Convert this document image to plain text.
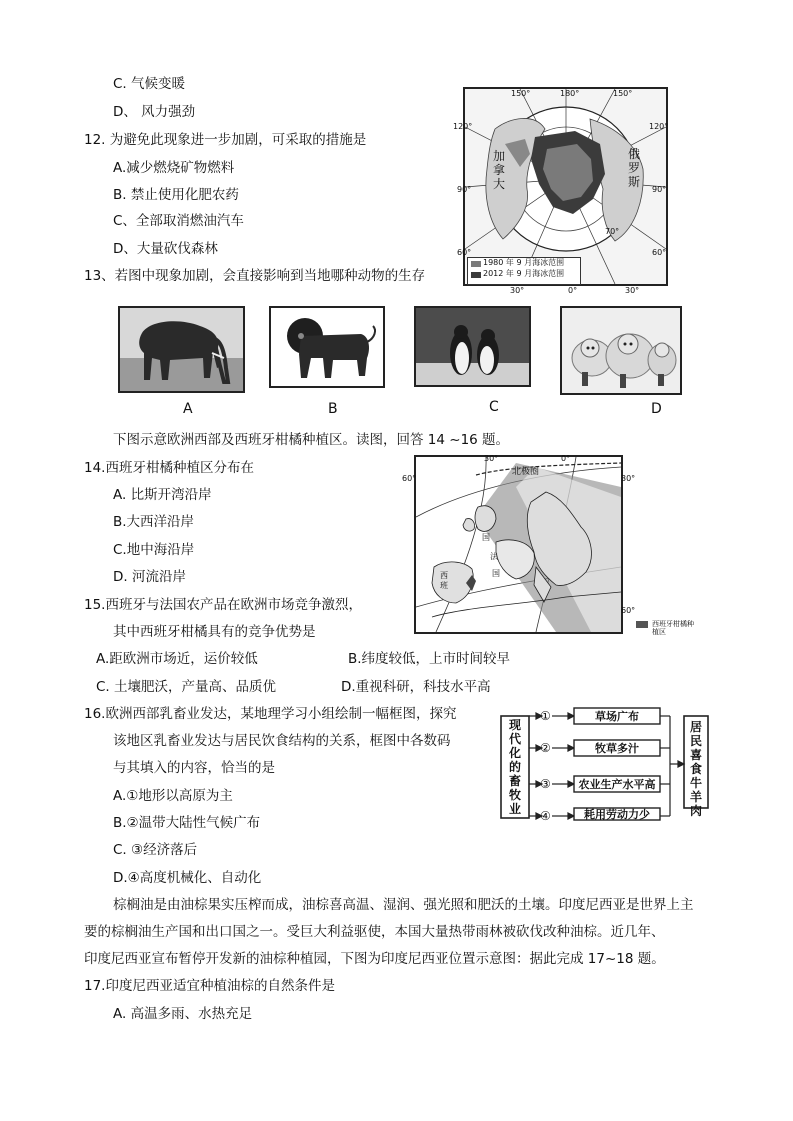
C. 气候变暖
D、 风力强劲
12. 为避免此现象进一步加剧，可采取的措施是
A.减少燃烧矿物燃料
B. 禁止使用化肥农药
C、全部取消燃油汽车
D、大量砍伐森林
150°	180°	150°
120°
90°
60°
120°
90°
60°
70°
加拿大
俄罗斯
1980 年 9 月海冰范围
2012 年 9 月海冰范围
30°	0°	30°
13、若图中现象加剧，会直接影响到当地哪种动物的生存
A	B	C	D
下图示意欧洲西部及西班牙柑橘种植区。读图，回答 14 ~16 题。
14.西班牙柑橘种植区分布在
A. 比斯开湾沿岸
B.大西洋沿岸
C.地中海沿岸
D. 河流沿岸
30°	0°
60°	30°
60°
北极圈
国
法
国
西
班
西班牙柑橘种植区
15.西班牙与法国农产品在欧洲市场竞争激烈，
其中西班牙柑橘具有的竞争优势是
A.距欧洲市场近，运价较低	B.纬度较低，上市时间较早
C. 土壤肥沃，产量高、品质优	D.重视科研，科技水平高
16.欧洲西部乳畜业发达，某地理学习小组绘制一幅框图，探究
该地区乳畜业发达与居民饮食结构的关系，框图中各数码
与其填入的内容，恰当的是
A.①地形以高原为主
B.②温带大陆性气候广布
C. ③经济落后
D.④高度机械化、自动化
现代化的畜牧业
居民喜食牛羊肉
①
②
③
④
草场广布
牧草多汁
农业生产水平高
耗用劳动力少
棕榈油是由油棕果实压榨而成，油棕喜高温、湿润、强光照和肥沃的土壤。印度尼西亚是世界上主
要的棕榈油生产国和出口国之一。受巨大利益驱使，本国大量热带雨林被砍伐改种油棕。近几年、
印度尼西亚宣布暂停开发新的油棕种植园，下图为印度尼西亚位置示意图：据此完成 17~18 题。
17.印度尼西亚适宜种植油棕的自然条件是
A. 高温多雨、水热充足
